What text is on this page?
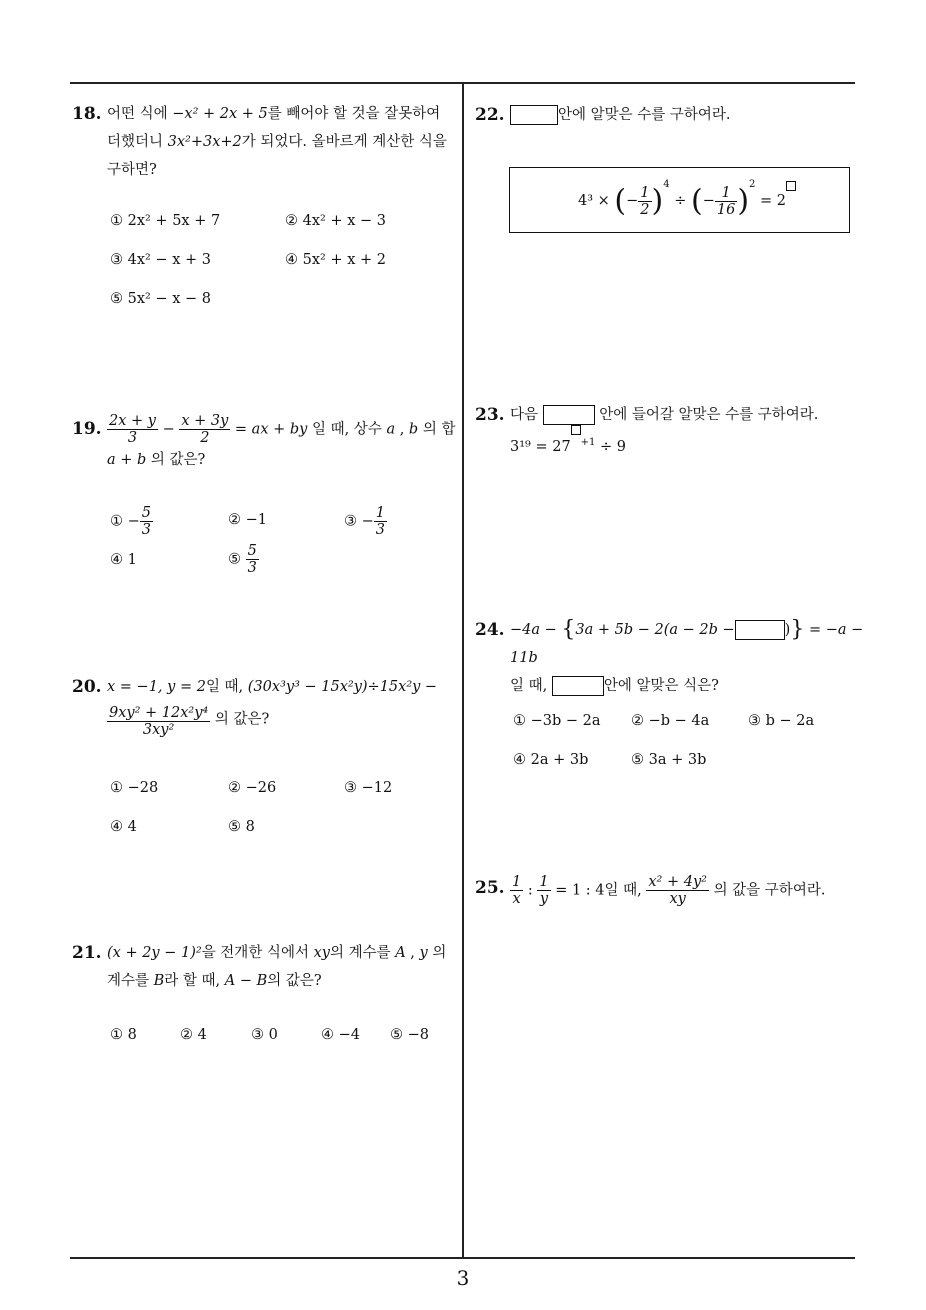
18. 어떤 식에 −x² + 2x + 5를 빼어야 할 것을 잘못하여
더했더니 3x²+3x+2가 되었다. 올바르게 계산한 식을
구하면?
① 2x² + 5x + 7	② 4x² + x − 3
③ 4x² − x + 3	④ 5x² + x + 2
⑤ 5x² − x − 8
19. $\frac{2x + y}{3} - \frac{x + 3y}{2}$ = ax + by 일 때, 상수 a , b 의 합
a + b 의 값은?
① − $\frac{5}{3}$	② −1	③ − $\frac{1}{3}$
④ 1	⑤ $\frac{5}{3}$
20. x = −1, y = 2일 때, (30x³y³ − 15x²y)÷15x²y −

$\frac{\text{9xy² + 12x²y⁴}}{\text{3xy²}}$ 의 값은?
① −28	② −26	③ −12
④ 4	⑤ 8
21. (x + 2y − 1)²을 전개한 식에서 xy의 계수를 A , y 의
계수를 B라 할 때, A − B의 값은?
① 8	② 4	③ 0	④ −4 ⑤ −8
22.	안에 알맞은 수를 구하여라.
4³ × (− $\frac{1}{2} )^4$ ÷ (− $\frac{1}{16} )^2 = 2$
23. 다음	안에 들어갈 알맞은 수를 구하여라.
3¹⁹ = 27 $^{+1}$ ÷ 9
24. −4a − {3a + 5b − 2(a − 2b −	)} = −a − 11b
일 때,	안에 알맞은 식은?
① −3b − 2a ② −b − 4a	③ b − 2a
④ 2a + 3b	⑤ 3a + 3b
25. $\frac{1}{x}$ : $\frac{1}{y} = 1$ : 4일 때, $\frac{\text{x² + 4y²}}{xy}$ 의 값을 구하여라.
3
